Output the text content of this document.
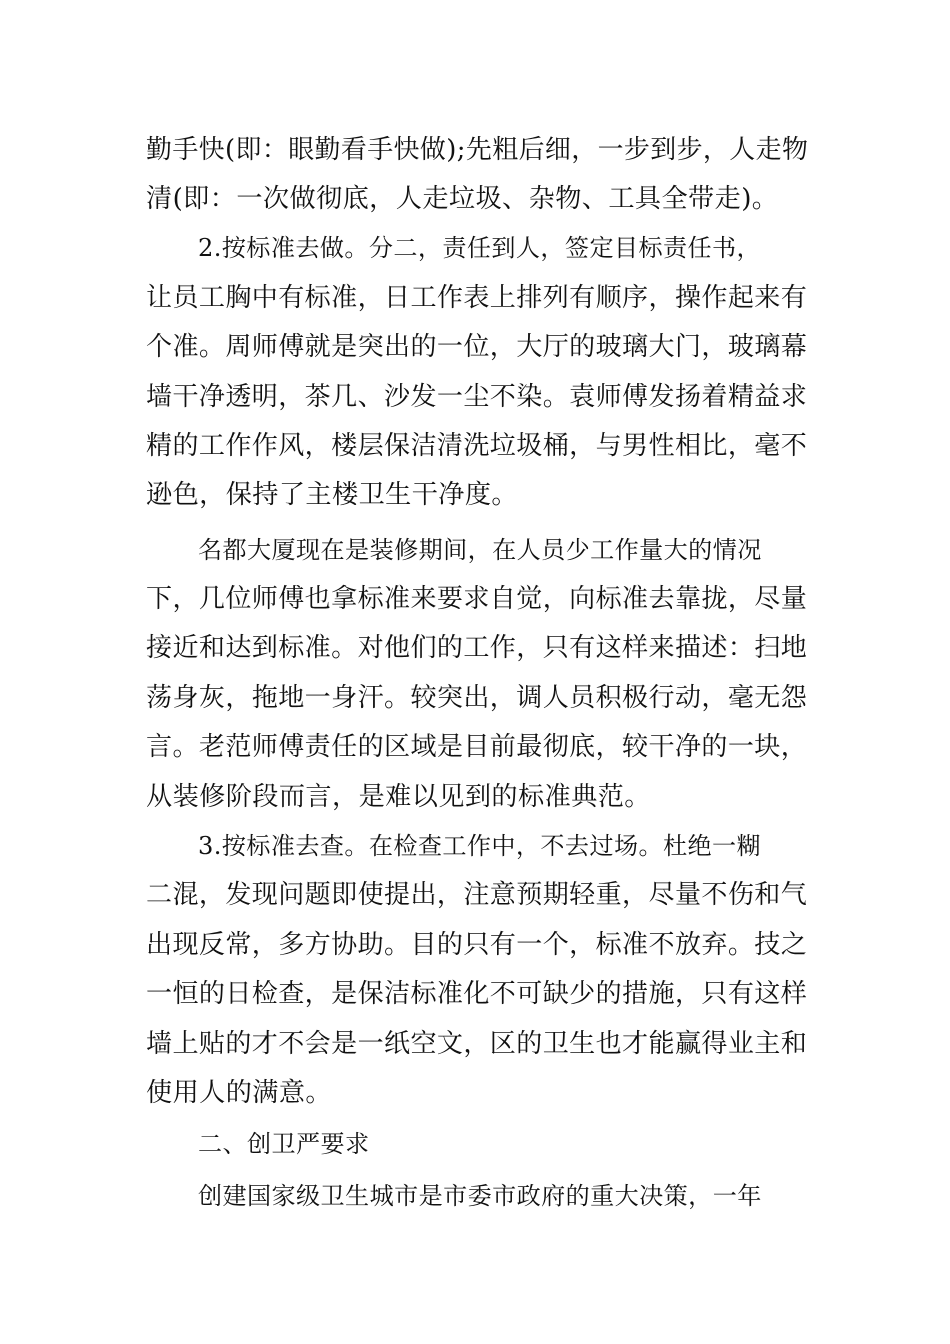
勤手快(即：眼勤看手快做);先粗后细，一步到步，人走物
清(即：一次做彻底，人走垃圾、杂物、工具全带走)。
2.按标准去做。分二，责任到人，签定目标责任书，
让员工胸中有标准，日工作表上排列有顺序，操作起来有
个准。周师傅就是突出的一位，大厅的玻璃大门，玻璃幕
墙干净透明，茶几、沙发一尘不染。袁师傅发扬着精益求
精的工作作风，楼层保洁清洗垃圾桶，与男性相比，毫不
逊色，保持了主楼卫生干净度。
名都大厦现在是装修期间，在人员少工作量大的情况
下，几位师傅也拿标准来要求自觉，向标准去靠拢，尽量
接近和达到标准。对他们的工作，只有这样来描述：扫地
荡身灰，拖地一身汗。较突出，调人员积极行动，毫无怨
言。老范师傅责任的区域是目前最彻底，较干净的一块，
从装修阶段而言，是难以见到的标准典范。
3.按标准去查。在检查工作中，不去过场。杜绝一糊
二混，发现问题即使提出，注意预期轻重，尽量不伤和气
出现反常，多方协助。目的只有一个，标准不放弃。技之
一恒的日检查，是保洁标准化不可缺少的措施，只有这样
墙上贴的才不会是一纸空文，区的卫生也才能赢得业主和
使用人的满意。
二、创卫严要求
创建国家级卫生城市是市委市政府的重大决策，一年
